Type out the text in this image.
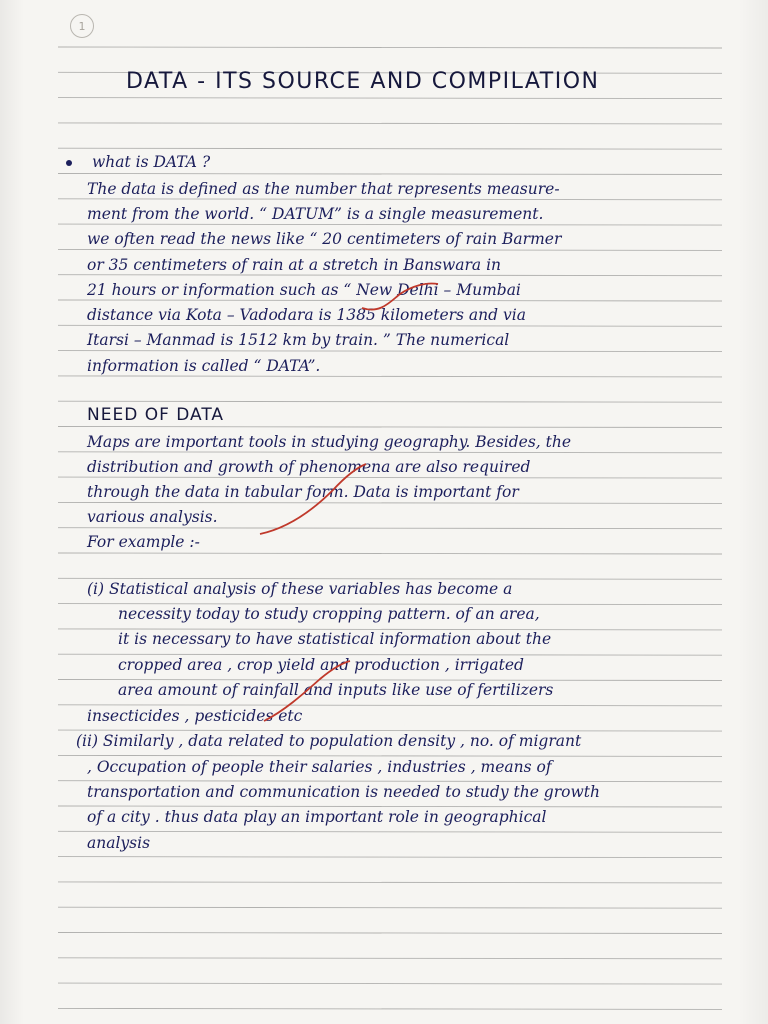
1
DATA - ITS SOURCE AND COMPILATION
what is DATA ?
The data is defined as the number that represents measure-
ment from the world. “ DATUM” is a single measurement.
we often read the news like “ 20 centimeters of rain Barmer
or 35 centimeters of rain at a stretch in Banswara in
21 hours or information such as “ New Delhi – Mumbai
distance via Kota – Vadodara is 1385 kilometers and via
Itarsi – Manmad is 1512 km by train. ” The numerical
information is called “ DATA”.
NEED OF DATA
Maps are important tools in studying geography. Besides, the
distribution and growth of phenomena are also required
through the data in tabular form. Data is important for
various analysis.
For example :-
(i) Statistical analysis of these variables has become a
necessity today to study cropping pattern. of an area,
it is necessary to have statistical information about the
cropped area , crop yield and production , irrigated
area amount of rainfall and inputs like use of fertilizers
insecticides , pesticides etc
(ii) Similarly , data related to population density , no. of migrant
, Occupation of people their salaries , industries , means of
transportation and communication is needed to study the growth
of a city . thus data play an important role in geographical
analysis
